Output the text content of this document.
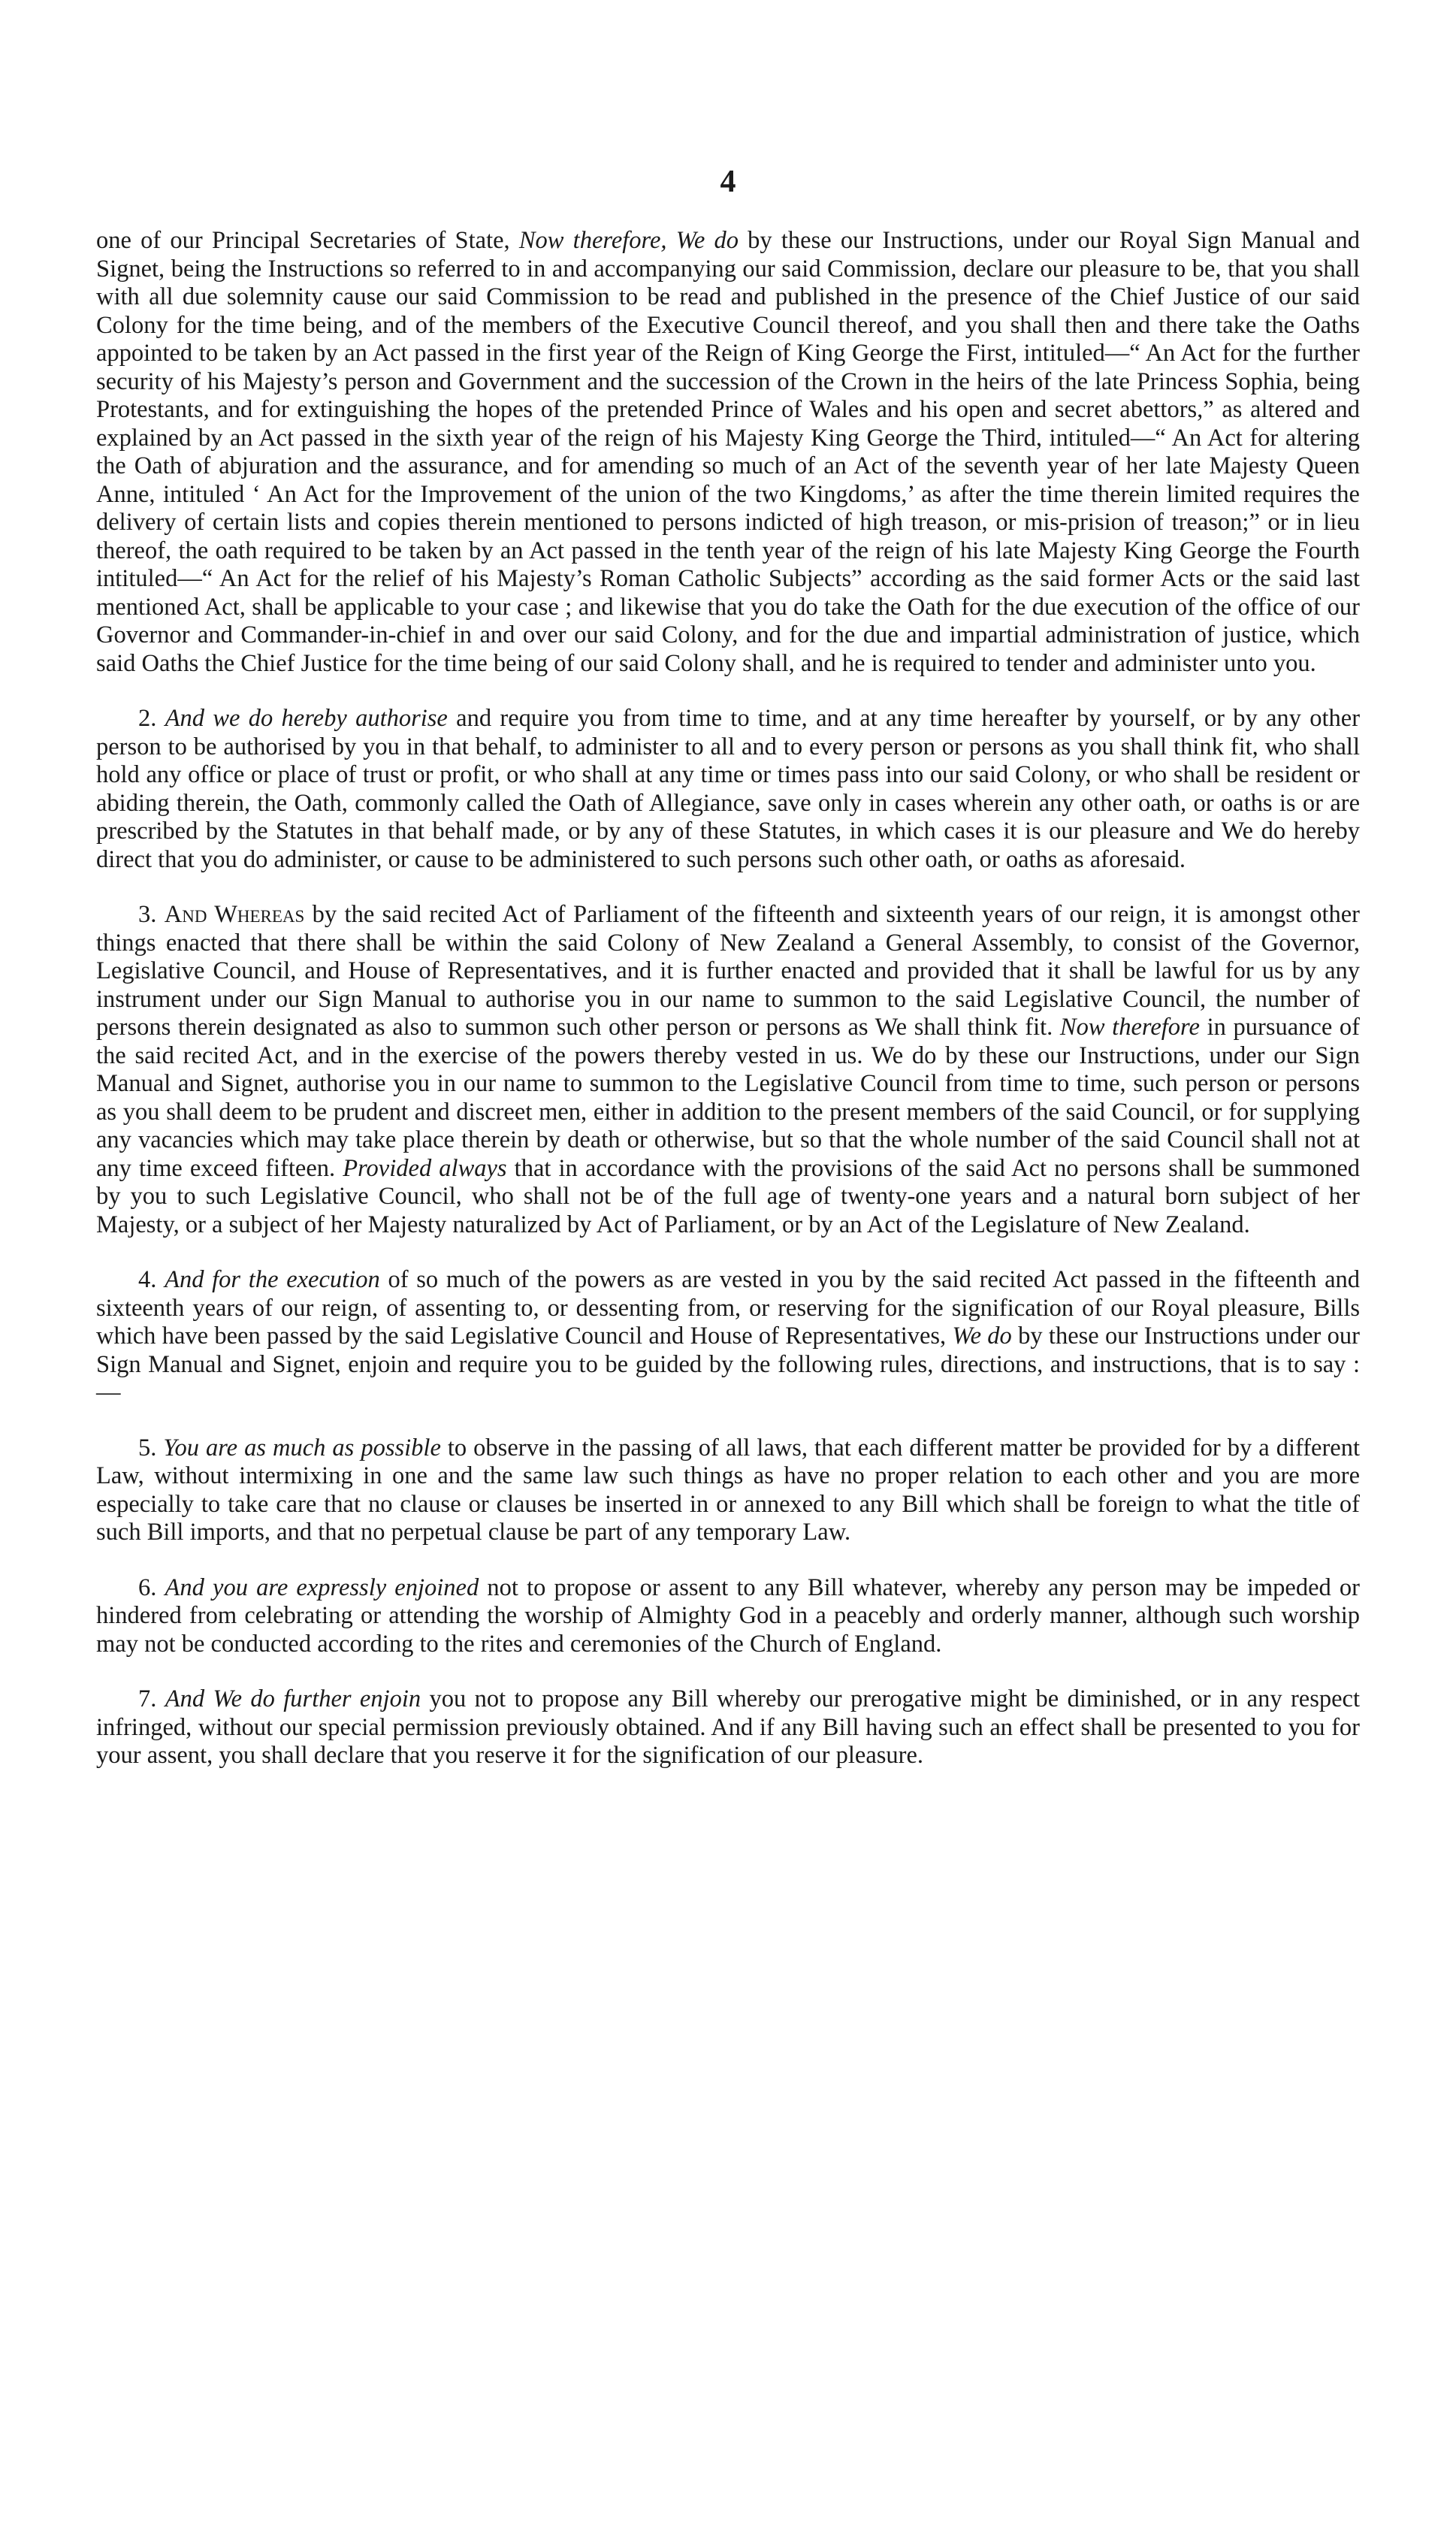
4

one of our Principal Secretaries of State, Now therefore, We do by these our Instructions, under our Royal Sign Manual and Signet, being the Instructions so referred to in and accompanying our said Commission, declare our pleasure to be, that you shall with all due solemnity cause our said Commission to be read and published in the presence of the Chief Justice of our said Colony for the time being, and of the members of the Executive Council thereof, and you shall then and there take the Oaths appointed to be taken by an Act passed in the first year of the Reign of King George the First, intituled—“ An Act for the further security of his Majesty’s person and Government and the succession of the Crown in the heirs of the late Princess Sophia, being Protestants, and for extinguishing the hopes of the pretended Prince of Wales and his open and secret abettors,” as altered and explained by an Act passed in the sixth year of the reign of his Majesty King George the Third, intituled—“ An Act for altering the Oath of abjuration and the assurance, and for amending so much of an Act of the seventh year of her late Majesty Queen Anne, intituled ‘ An Act for the Improvement of the union of the two Kingdoms,’ as after the time therein limited requires the delivery of certain lists and copies therein mentioned to persons indicted of high treason, or mis-prision of treason;” or in lieu thereof, the oath required to be taken by an Act passed in the tenth year of the reign of his late Majesty King George the Fourth intituled—“ An Act for the relief of his Majesty’s Roman Catholic Subjects” according as the said former Acts or the said last mentioned Act, shall be applicable to your case ; and likewise that you do take the Oath for the due execution of the office of our Governor and Commander-in-chief in and over our said Colony, and for the due and impartial administration of justice, which said Oaths the Chief Justice for the time being of our said Colony shall, and he is required to tender and administer unto you.

2. And we do hereby authorise and require you from time to time, and at any time hereafter by yourself, or by any other person to be authorised by you in that behalf, to administer to all and to every person or persons as you shall think fit, who shall hold any office or place of trust or profit, or who shall at any time or times pass into our said Colony, or who shall be resident or abiding therein, the Oath, commonly called the Oath of Allegiance, save only in cases wherein any other oath, or oaths is or are prescribed by the Statutes in that behalf made, or by any of these Statutes, in which cases it is our pleasure and We do hereby direct that you do administer, or cause to be administered to such persons such other oath, or oaths as aforesaid.

3. And Whereas by the said recited Act of Parliament of the fifteenth and sixteenth years of our reign, it is amongst other things enacted that there shall be within the said Colony of New Zealand a General Assembly, to consist of the Governor, Legislative Council, and House of Representatives, and it is further enacted and provided that it shall be lawful for us by any instrument under our Sign Manual to authorise you in our name to summon to the said Legislative Council, the number of persons therein designated as also to summon such other person or persons as We shall think fit. Now therefore in pursuance of the said recited Act, and in the exercise of the powers thereby vested in us. We do by these our Instructions, under our Sign Manual and Signet, authorise you in our name to summon to the Legislative Council from time to time, such person or persons as you shall deem to be prudent and discreet men, either in addition to the present members of the said Council, or for supplying any vacancies which may take place therein by death or otherwise, but so that the whole number of the said Council shall not at any time exceed fifteen. Provided always that in accordance with the provisions of the said Act no persons shall be summoned by you to such Legislative Council, who shall not be of the full age of twenty-one years and a natural born subject of her Majesty, or a subject of her Majesty naturalized by Act of Parliament, or by an Act of the Legislature of New Zealand.

4. And for the execution of so much of the powers as are vested in you by the said recited Act passed in the fifteenth and sixteenth years of our reign, of assenting to, or dessenting from, or reserving for the signification of our Royal pleasure, Bills which have been passed by the said Legislative Council and House of Representatives, We do by these our Instructions under our Sign Manual and Signet, enjoin and require you to be guided by the following rules, directions, and instructions, that is to say :—

5. You are as much as possible to observe in the passing of all laws, that each different matter be provided for by a different Law, without intermixing in one and the same law such things as have no proper relation to each other and you are more especially to take care that no clause or clauses be inserted in or annexed to any Bill which shall be foreign to what the title of such Bill imports, and that no perpetual clause be part of any temporary Law.

6. And you are expressly enjoined not to propose or assent to any Bill whatever, whereby any person may be impeded or hindered from celebrating or attending the worship of Almighty God in a peacebly and orderly manner, although such worship may not be conducted according to the rites and ceremonies of the Church of England.

7. And We do further enjoin you not to propose any Bill whereby our prerogative might be diminished, or in any respect infringed, without our special permission previously obtained. And if any Bill having such an effect shall be presented to you for your assent, you shall declare that you reserve it for the signification of our pleasure.
